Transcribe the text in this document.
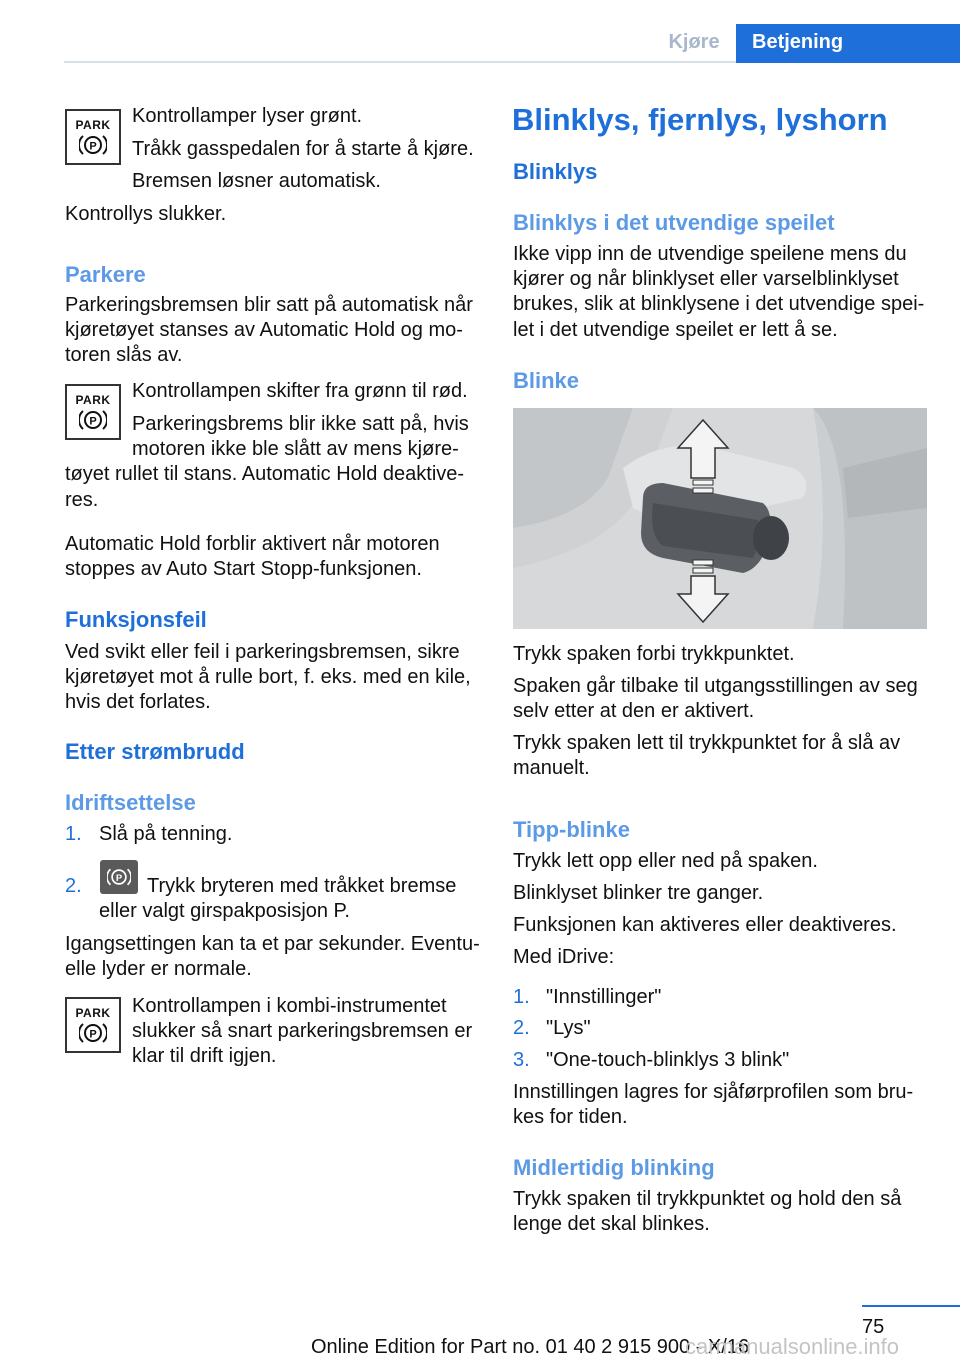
Kjøre	Betjening
PARK
P
Kontrollamper lyser grønt.
Tråkk gasspedalen for å starte å kjøre.
Bremsen løsner automatisk.
Kontrollys slukker.
Parkere
Parkeringsbremsen blir satt på automatisk når
kjøretøyet stanses av Automatic Hold og mo‐
toren slås av.
PARK
P
Kontrollampen skifter fra grønn til rød.
Parkeringsbrems blir ikke satt på, hvis
motoren ikke ble slått av mens kjøre‐
tøyet rullet til stans. Automatic Hold deaktive‐
res.
Automatic Hold forblir aktivert når motoren
stoppes av Auto Start Stopp-funksjonen.
Funksjonsfeil
Ved svikt eller feil i parkeringsbremsen, sikre
kjøretøyet mot å rulle bort, f. eks. med en kile,
hvis det forlates.
Etter strømbrudd
Idriftsettelse
1. Slå på tenning.
2.	P Trykk bryteren med tråkket bremse
eller valgt girspakposisjon P.
Igangsettingen kan ta et par sekunder. Eventu‐
elle lyder er normale.
PARK
P
Kontrollampen i kombi-instrumentet
slukker så snart parkeringsbremsen er
klar til drift igjen.
Blinklys, fjernlys, lyshorn
Blinklys
Blinklys i det utvendige speilet
Ikke vipp inn de utvendige speilene mens du
kjører og når blinklyset eller varselblinklyset
brukes, slik at blinklysene i det utvendige spei‐
let i det utvendige speilet er lett å se.
Blinke
Trykk spaken forbi trykkpunktet.
Spaken går tilbake til utgangsstillingen av seg
selv etter at den er aktivert.
Trykk spaken lett til trykkpunktet for å slå av
manuelt.
Tipp-blinke
Trykk lett opp eller ned på spaken.
Blinklyset blinker tre ganger.
Funksjonen kan aktiveres eller deaktiveres.
Med iDrive:
1. "Innstillinger"
2. "Lys"
3. "One-touch-blinklys 3 blink"
Innstillingen lagres for sjåførprofilen som bru‐
kes for tiden.
Midlertidig blinking
Trykk spaken til trykkpunktet og hold den så
lenge det skal blinkes.
75
Online Edition for Part no. 01 40 2 915 900 - X/16
carmanualsonline.info
